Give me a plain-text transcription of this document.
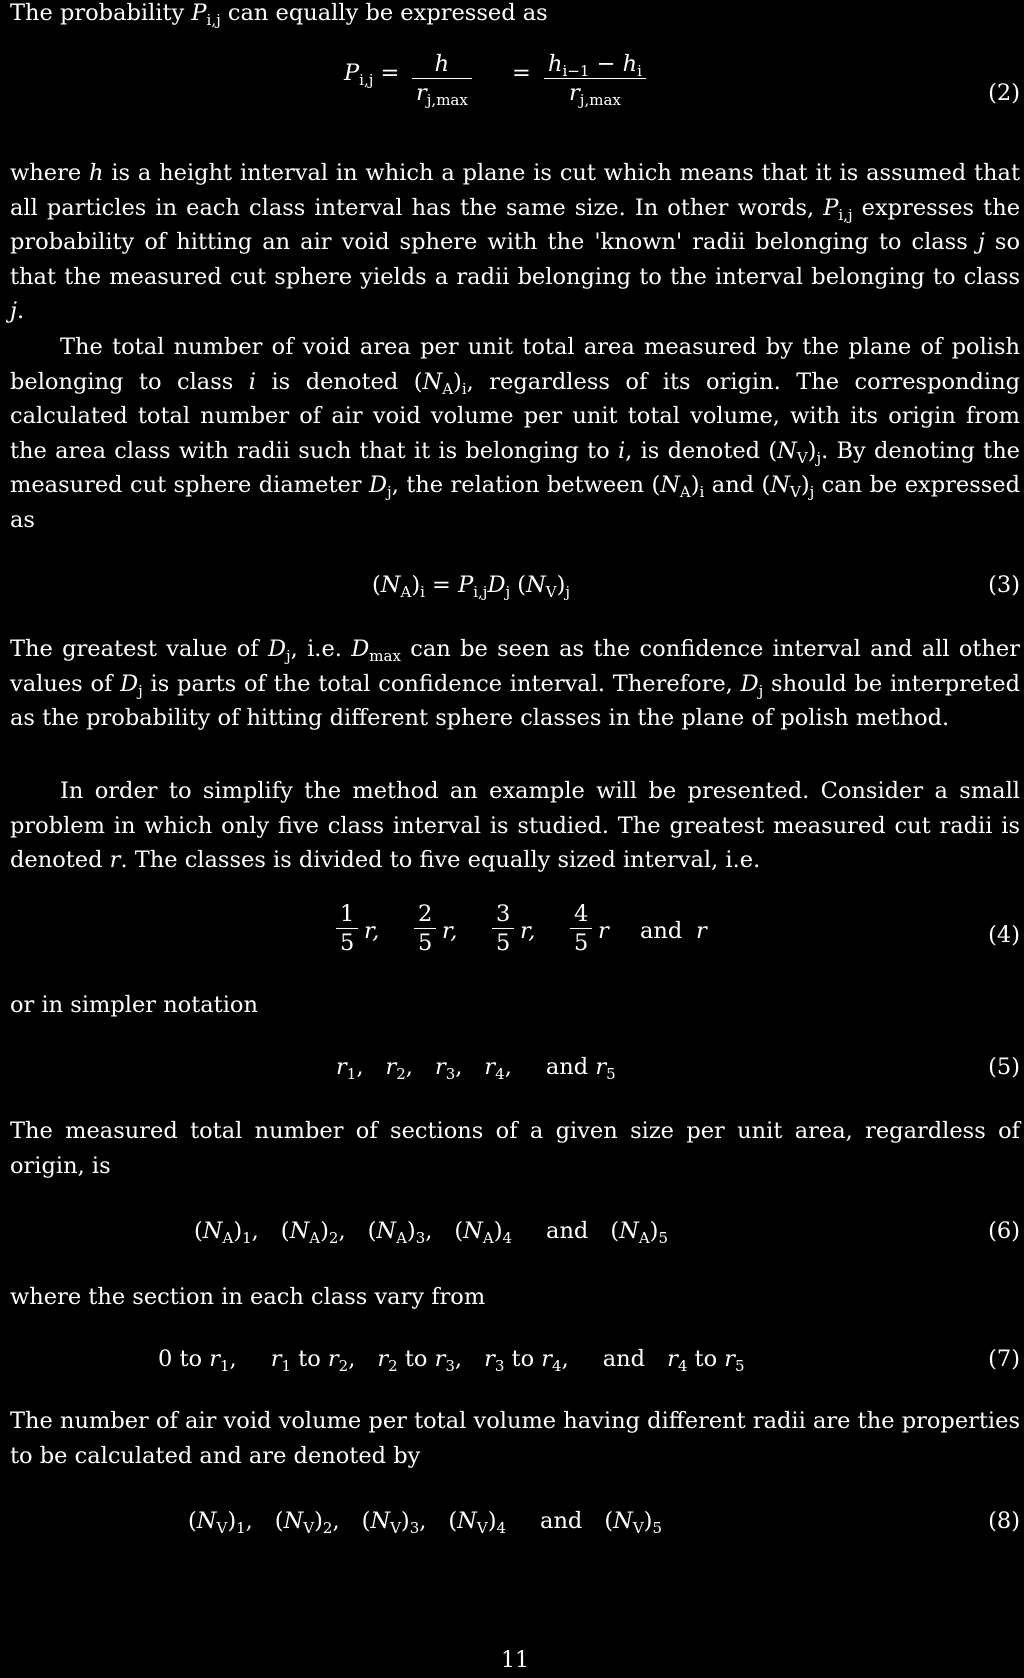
The probability $P_{i,j}$ can equally be expressed as

$P_{i,j}$ =	h
$r_{j,max}$
= $h_{i-1} - h_i$
$r_{j,max}$	(2)

where h is a height interval in which a plane is cut which means that it is assumed that all particles in each class interval has the same size. In other words, $P_{i,j}$ expresses the probability of hitting an air void sphere with the 'known' radii belonging to class j so that the measured cut sphere yields a radii belonging to the interval belonging to class j.

The total number of void area per unit total area measured by the plane of polish belonging to class i is denoted $(N_A)_i$, regardless of its origin. The corresponding calculated total number of air void volume per unit total volume, with its origin from the area class with radii such that it is belonging to i, is denoted $(N_V)_j$. By denoting the measured cut sphere diameter $D_j$, the relation between $(N_A)_i$ and $(N_V)_j$ can be expressed as

$(N_A)_i = P_{i,j}D_j$ $(N_V)_j$	(3)

The greatest value of $D_j$, i.e. $D_{max}$ can be seen as the confidence interval and all other values of $D_j$ is parts of the total confidence interval. Therefore, $D_j$ should be interpreted as the probability of hitting different sphere classes in the plane of polish method.

In order to simplify the method an example will be presented. Consider a small problem in which only five class interval is studied. The greatest measured cut radii is denoted r. The classes is divided to five equally sized interval, i.e.

$\frac{1}{5} r$, $\frac{2}{5} r$, $\frac{3}{5} r$, $\frac{4}{5}$ r and r	(4)

or in simpler notation

$r_1$, $r_2$, $r_3$, $r_4$, and $r_5$	(5)

The measured total number of sections of a given size per unit area, regardless of origin, is

$(N_A)_1$, $(N_A)_2$, $(N_A)_3$, $(N_A)_4$ and $(N_A)_5$	(6)

where the section in each class vary from

0 to $r_1$, $r_1$ to $r_2$, $r_2$ to $r_3$, $r_3$ to $r_4$, and $r_4$ to $r_5$	(7)

The number of air void volume per total volume having different radii are the properties to be calculated and are denoted by

$(N_V)_1$, $(N_V)_2$, $(N_V)_3$, $(N_V)_4$ and $(N_V)_5$	(8)
11
